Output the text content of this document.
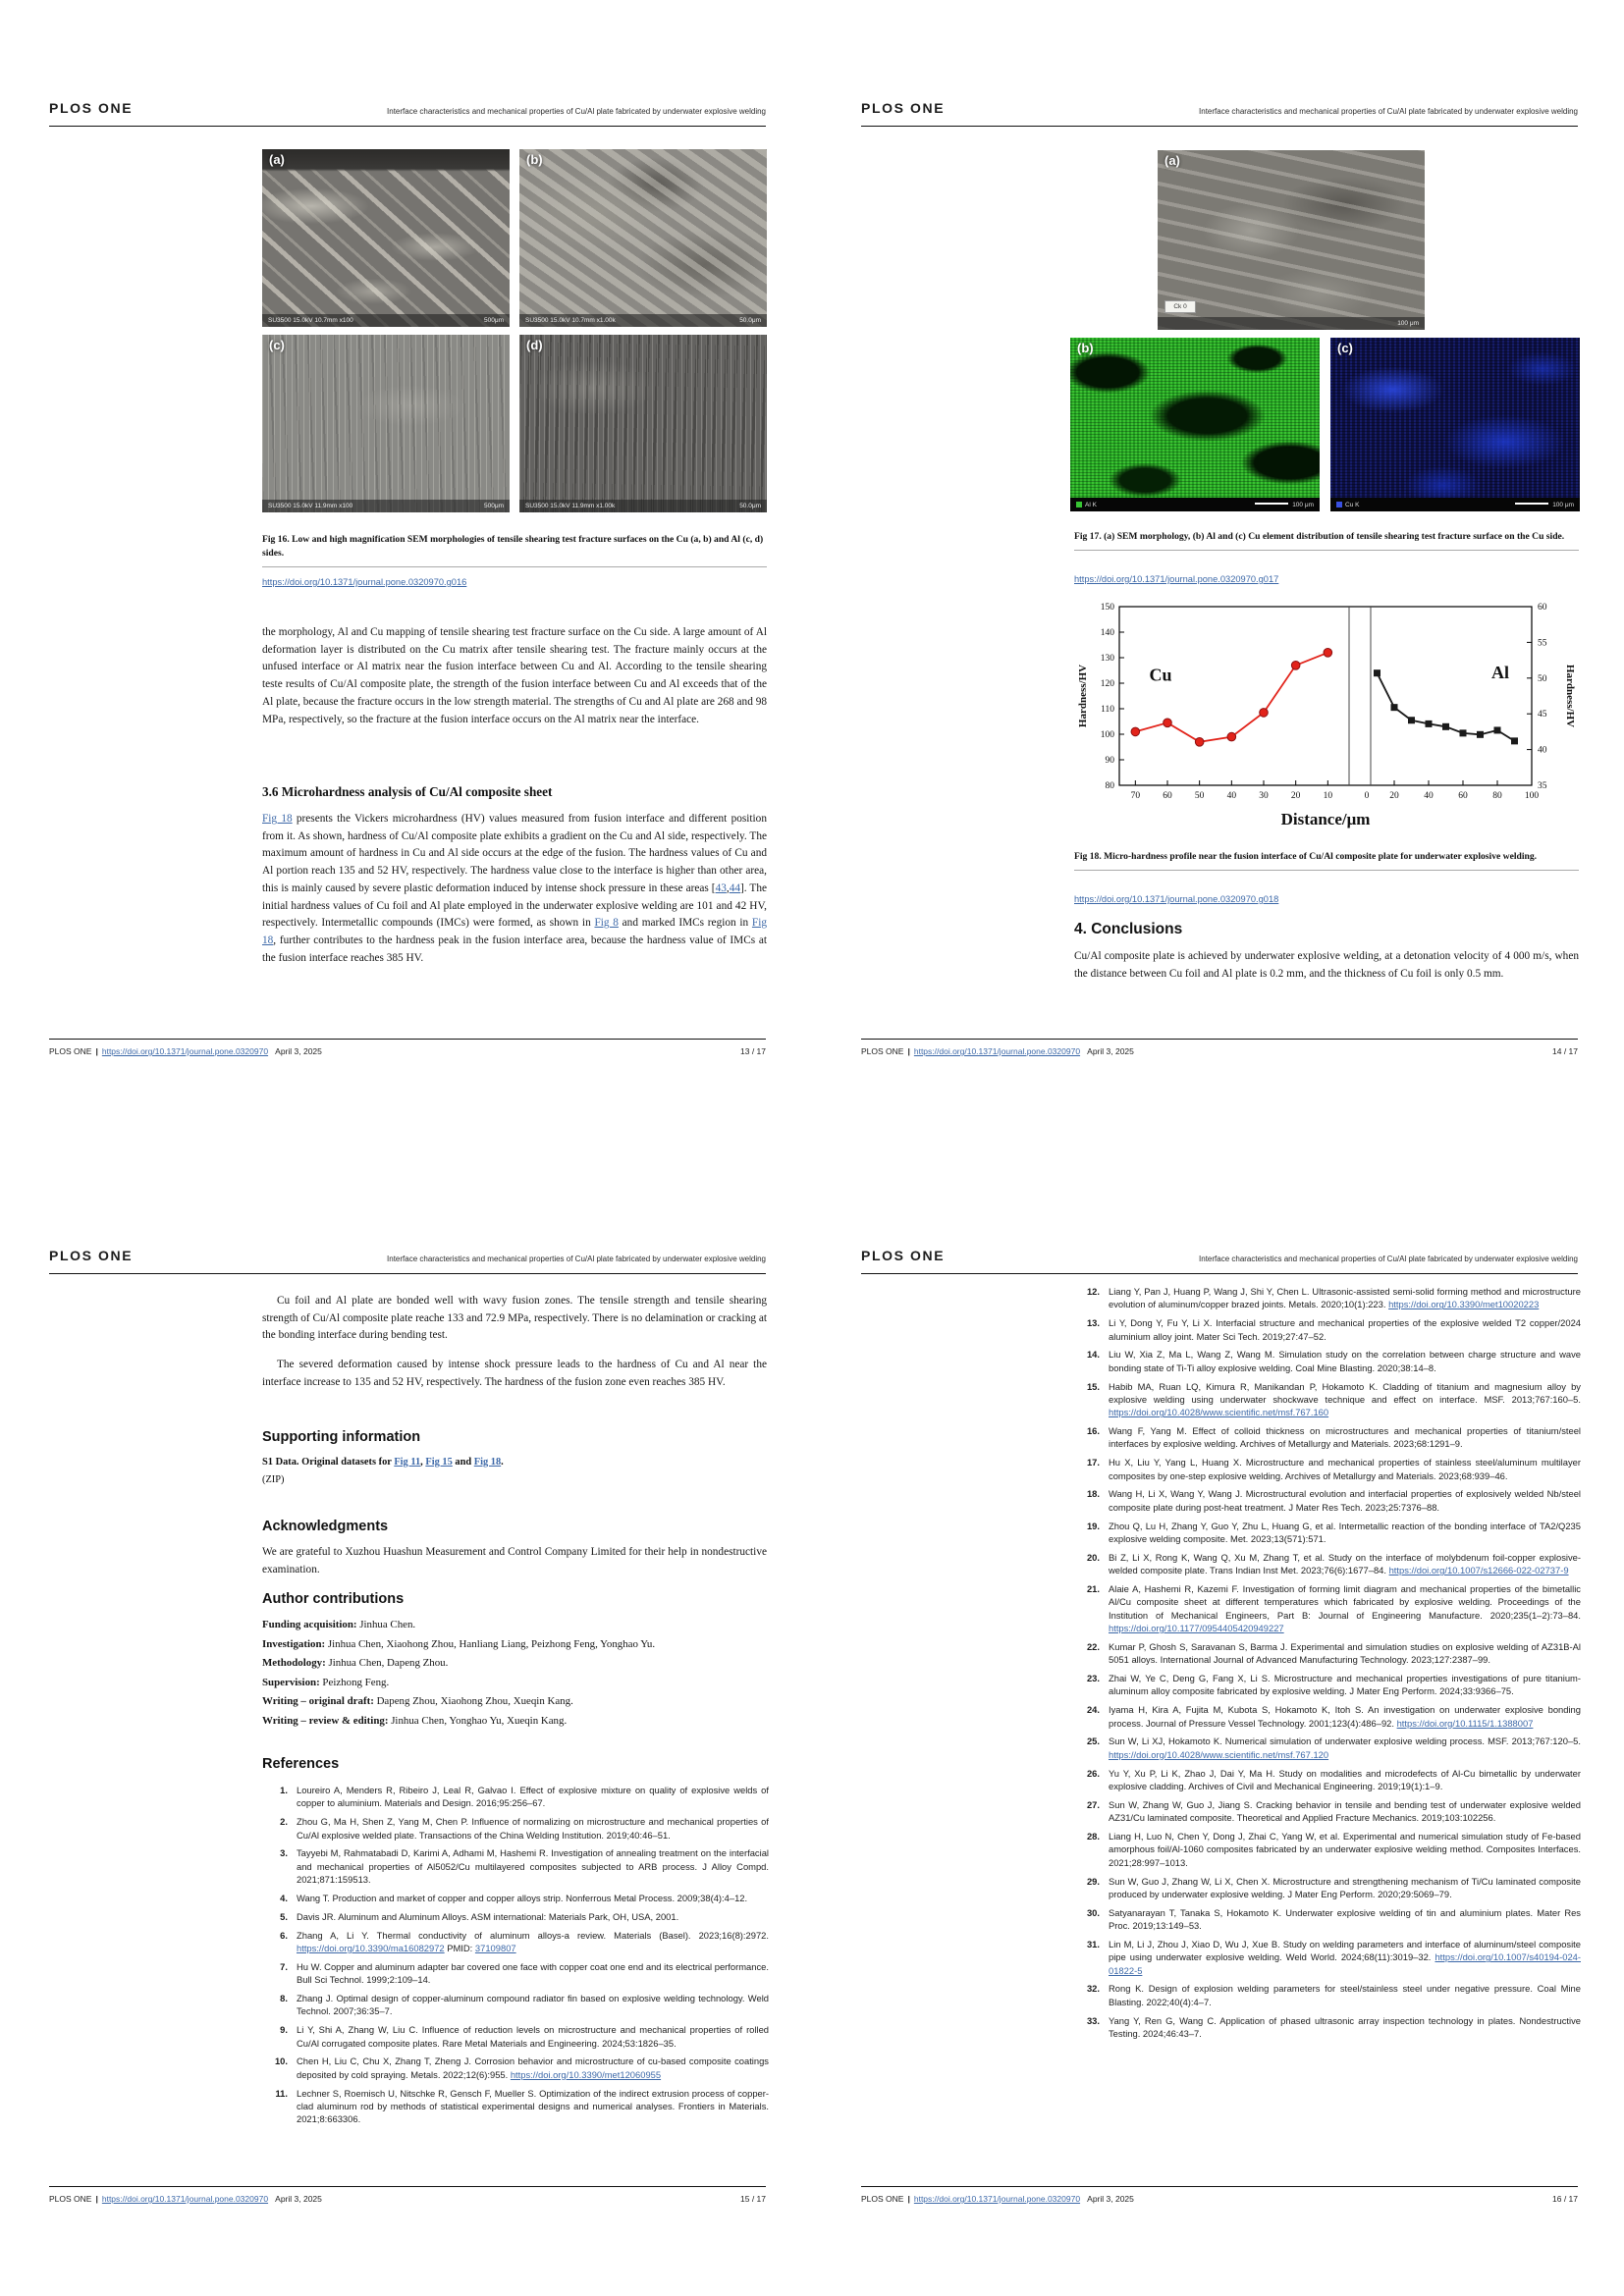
PLOS ONE	Interface characteristics and mechanical properties of Cu/Al plate fabricated by underwater explosive welding
(a)
SU3500 15.0kV 10.7mm x100	500μm
(b)
SU3500 15.0kV 10.7mm x1.00k	50.0μm
(c)
SU3500 15.0kV 11.9mm x100	500μm
(d)
SU3500 15.0kV 11.9mm x1.00k	50.0μm
Fig 16. Low and high magnification SEM morphologies of tensile shearing test fracture surfaces on the Cu (a, b) and Al (c, d) sides.
https://doi.org/10.1371/journal.pone.0320970.g016
the morphology, Al and Cu mapping of tensile shearing test fracture surface on the Cu side. A large amount of Al deformation layer is distributed on the Cu matrix after tensile shearing test. The fracture mainly occurs at the unfused interface or Al matrix near the fusion interface between Cu and Al. According to the tensile shearing teste results of Cu/Al composite plate, the strength of the fusion interface between Cu and Al exceeds that of the Al plate, because the fracture occurs in the low strength material. The strengths of Cu and Al plate are 268 and 98 MPa, respectively, so the fracture at the fusion interface occurs on the Al matrix near the interface.
3.6 Microhardness analysis of Cu/Al composite sheet
Fig 18 presents the Vickers microhardness (HV) values measured from fusion interface and different position from it. As shown, hardness of Cu/Al composite plate exhibits a gradient on the Cu and Al side, respectively. The maximum amount of hardness in Cu and Al side occurs at the edge of the fusion. The hardness values of Cu and Al portion reach 135 and 52 HV, respectively. The hardness value close to the interface is higher than other area, this is mainly caused by severe plastic deformation induced by intense shock pressure in these areas [43,44]. The initial hardness values of Cu foil and Al plate employed in the underwater explosive welding are 101 and 42 HV, respectively. Intermetallic compounds (IMCs) were formed, as shown in Fig 8 and marked IMCs region in Fig 18, further contributes to the hardness peak in the fusion interface area, because the hardness value of IMCs at the fusion interface reaches 385 HV.
PLOS ONE | https://doi.org/10.1371/journal.pone.0320970 April 3, 2025	13 / 17
PLOS ONE	Interface characteristics and mechanical properties of Cu/Al plate fabricated by underwater explosive welding
(a)
Ck 0
100 μm
(b)
Al K	100 μm
(c)
Cu K	100 μm
Fig 17. (a) SEM morphology, (b) Al and (c) Cu element distribution of tensile shearing test fracture surface on the Cu side.
https://doi.org/10.1371/journal.pone.0320970.g017
80
90
100
110
120
130
140
150
35
40
45
50
55
60
70 60 50 40 30 20 10	0 20	40	60	80 100
Hardness/HV	Hardness/HV
Distance/μm
Cu	Al
Fig 18. Micro-hardness profile near the fusion interface of Cu/Al composite plate for underwater explosive welding.
https://doi.org/10.1371/journal.pone.0320970.g018
4. Conclusions
Cu/Al composite plate is achieved by underwater explosive welding, at a detonation velocity of 4 000 m/s, when the distance between Cu foil and Al plate is 0.2 mm, and the thickness of Cu foil is only 0.5 mm.
PLOS ONE | https://doi.org/10.1371/journal.pone.0320970 April 3, 2025	14 / 17
PLOS ONE	Interface characteristics and mechanical properties of Cu/Al plate fabricated by underwater explosive welding
Cu foil and Al plate are bonded well with wavy fusion zones. The tensile strength and tensile shearing strength of Cu/Al composite plate reache 133 and 72.9 MPa, respectively. There is no delamination or cracking at the bonding interface during bending test.
The severed deformation caused by intense shock pressure leads to the hardness of Cu and Al near the interface increase to 135 and 52 HV, respectively. The hardness of the fusion zone even reaches 385 HV.
Supporting information
S1 Data. Original datasets for Fig 11, Fig 15 and Fig 18.
(ZIP)
Acknowledgments
We are grateful to Xuzhou Huashun Measurement and Control Company Limited for their help in nondestructive examination.
Author contributions
Funding acquisition: Jinhua Chen.
Investigation: Jinhua Chen, Xiaohong Zhou, Hanliang Liang, Peizhong Feng, Yonghao Yu.
Methodology: Jinhua Chen, Dapeng Zhou.
Supervision: Peizhong Feng.
Writing – original draft: Dapeng Zhou, Xiaohong Zhou, Xueqin Kang.
Writing – review & editing: Jinhua Chen, Yonghao Yu, Xueqin Kang.
References
1. Loureiro A, Menders R, Ribeiro J, Leal R, Galvao I. Effect of explosive mixture on quality of explosive welds of copper to aluminium. Materials and Design. 2016;95:256–67.
2. Zhou G, Ma H, Shen Z, Yang M, Chen P. Influence of normalizing on microstructure and mechanical properties of Cu/Al explosive welded plate. Transactions of the China Welding Institution. 2019;40:46–51.
3. Tayyebi M, Rahmatabadi D, Karimi A, Adhami M, Hashemi R. Investigation of annealing treatment on the interfacial and mechanical properties of Al5052/Cu multilayered composites subjected to ARB process. J Alloy Compd. 2021;871:159513.
4. Wang T. Production and market of copper and copper alloys strip. Nonferrous Metal Process. 2009;38(4):4–12.
5. Davis JR. Aluminum and Aluminum Alloys. ASM international: Materials Park, OH, USA, 2001.
6. Zhang A, Li Y. Thermal conductivity of aluminum alloys-a review. Materials (Basel). 2023;16(8):2972. https://doi.org/10.3390/ma16082972 PMID: 37109807
7. Hu W. Copper and aluminum adapter bar covered one face with copper coat one end and its electrical performance. Bull Sci Technol. 1999;2:109–14.
8. Zhang J. Optimal design of copper-aluminum compound radiator fin based on explosive welding technology. Weld Technol. 2007;36:35–7.
9. Li Y, Shi A, Zhang W, Liu C. Influence of reduction levels on microstructure and mechanical properties of rolled Cu/Al corrugated composite plates. Rare Metal Materials and Engineering. 2024;53:1826–35.
10. Chen H, Liu C, Chu X, Zhang T, Zheng J. Corrosion behavior and microstructure of cu-based composite coatings deposited by cold spraying. Metals. 2022;12(6):955. https://doi.org/10.3390/met12060955
11. Lechner S, Roemisch U, Nitschke R, Gensch F, Mueller S. Optimization of the indirect extrusion process of copper-clad aluminum rod by methods of statistical experimental designs and numerical analyses. Frontiers in Materials. 2021;8:663306.
PLOS ONE | https://doi.org/10.1371/journal.pone.0320970 April 3, 2025	15 / 17
PLOS ONE	Interface characteristics and mechanical properties of Cu/Al plate fabricated by underwater explosive welding
12. Liang Y, Pan J, Huang P, Wang J, Shi Y, Chen L. Ultrasonic-assisted semi-solid forming method and microstructure evolution of aluminum/copper brazed joints. Metals. 2020;10(1):223. https://doi.org/10.3390/met10020223
13. Li Y, Dong Y, Fu Y, Li X. Interfacial structure and mechanical properties of the explosive welded T2 copper/2024 aluminium alloy joint. Mater Sci Tech. 2019;27:47–52.
14. Liu W, Xia Z, Ma L, Wang Z, Wang M. Simulation study on the correlation between charge structure and wave bonding state of Ti-Ti alloy explosive welding. Coal Mine Blasting. 2020;38:14–8.
15. Habib MA, Ruan LQ, Kimura R, Manikandan P, Hokamoto K. Cladding of titanium and magnesium alloy by explosive welding using underwater shockwave technique and effect on interface. MSF. 2013;767:160–5. https://doi.org/10.4028/www.scientific.net/msf.767.160
16. Wang F, Yang M. Effect of colloid thickness on microstructures and mechanical properties of titanium/steel interfaces by explosive welding. Archives of Metallurgy and Materials. 2023;68:1291–9.
17. Hu X, Liu Y, Yang L, Huang X. Microstructure and mechanical properties of stainless steel/aluminum multilayer composites by one-step explosive welding. Archives of Metallurgy and Materials. 2023;68:939–46.
18. Wang H, Li X, Wang Y, Wang J. Microstructural evolution and interfacial properties of explosively welded Nb/steel composite plate during post-heat treatment. J Mater Res Tech. 2023;25:7376–88.
19. Zhou Q, Lu H, Zhang Y, Guo Y, Zhu L, Huang G, et al. Intermetallic reaction of the bonding interface of TA2/Q235 explosive welding composite. Met. 2023;13(571):571.
20. Bi Z, Li X, Rong K, Wang Q, Xu M, Zhang T, et al. Study on the interface of molybdenum foil-copper explosive-welded composite plate. Trans Indian Inst Met. 2023;76(6):1677–84. https://doi.org/10.1007/s12666-022-02737-9
21. Alaie A, Hashemi R, Kazemi F. Investigation of forming limit diagram and mechanical properties of the bimetallic Al/Cu composite sheet at different temperatures which fabricated by explosive welding. Proceedings of the Institution of Mechanical Engineers, Part B: Journal of Engineering Manufacture. 2020;235(1–2):73–84. https://doi.org/10.1177/0954405420949227
22. Kumar P, Ghosh S, Saravanan S, Barma J. Experimental and simulation studies on explosive welding of AZ31B-Al 5051 alloys. International Journal of Advanced Manufacturing Technology. 2023;127:2387–99.
23. Zhai W, Ye C, Deng G, Fang X, Li S. Microstructure and mechanical properties investigations of pure titanium-aluminum alloy composite fabricated by explosive welding. J Mater Eng Perform. 2024;33:9366–75.
24. Iyama H, Kira A, Fujita M, Kubota S, Hokamoto K, Itoh S. An investigation on underwater explosive bonding process. Journal of Pressure Vessel Technology. 2001;123(4):486–92. https://doi.org/10.1115/1.1388007
25. Sun W, Li XJ, Hokamoto K. Numerical simulation of underwater explosive welding process. MSF. 2013;767:120–5. https://doi.org/10.4028/www.scientific.net/msf.767.120
26. Yu Y, Xu P, Li K, Zhao J, Dai Y, Ma H. Study on modalities and microdefects of Al-Cu bimetallic by underwater explosive cladding. Archives of Civil and Mechanical Engineering. 2019;19(1):1–9.
27. Sun W, Zhang W, Guo J, Jiang S. Cracking behavior in tensile and bending test of underwater explosive welded AZ31/Cu laminated composite. Theoretical and Applied Fracture Mechanics. 2019;103:102256.
28. Liang H, Luo N, Chen Y, Dong J, Zhai C, Yang W, et al. Experimental and numerical simulation study of Fe-based amorphous foil/Al-1060 composites fabricated by an underwater explosive welding method. Composites Interfaces. 2021;28:997–1013.
29. Sun W, Guo J, Zhang W, Li X, Chen X. Microstructure and strengthening mechanism of Ti/Cu laminated composite produced by underwater explosive welding. J Mater Eng Perform. 2020;29:5069–79.
30. Satyanarayan T, Tanaka S, Hokamoto K. Underwater explosive welding of tin and aluminium plates. Mater Res Proc. 2019;13:149–53.
31. Lin M, Li J, Zhou J, Xiao D, Wu J, Xue B. Study on welding parameters and interface of aluminum/steel composite pipe using underwater explosive welding. Weld World. 2024;68(11):3019–32. https://doi.org/10.1007/s40194-024-01822-5
32. Rong K. Design of explosion welding parameters for steel/stainless steel under negative pressure. Coal Mine Blasting. 2022;40(4):4–7.
33. Yang Y, Ren G, Wang C. Application of phased ultrasonic array inspection technology in plates. Nondestructive Testing. 2024;46:43–7.
PLOS ONE | https://doi.org/10.1371/journal.pone.0320970 April 3, 2025	16 / 17
